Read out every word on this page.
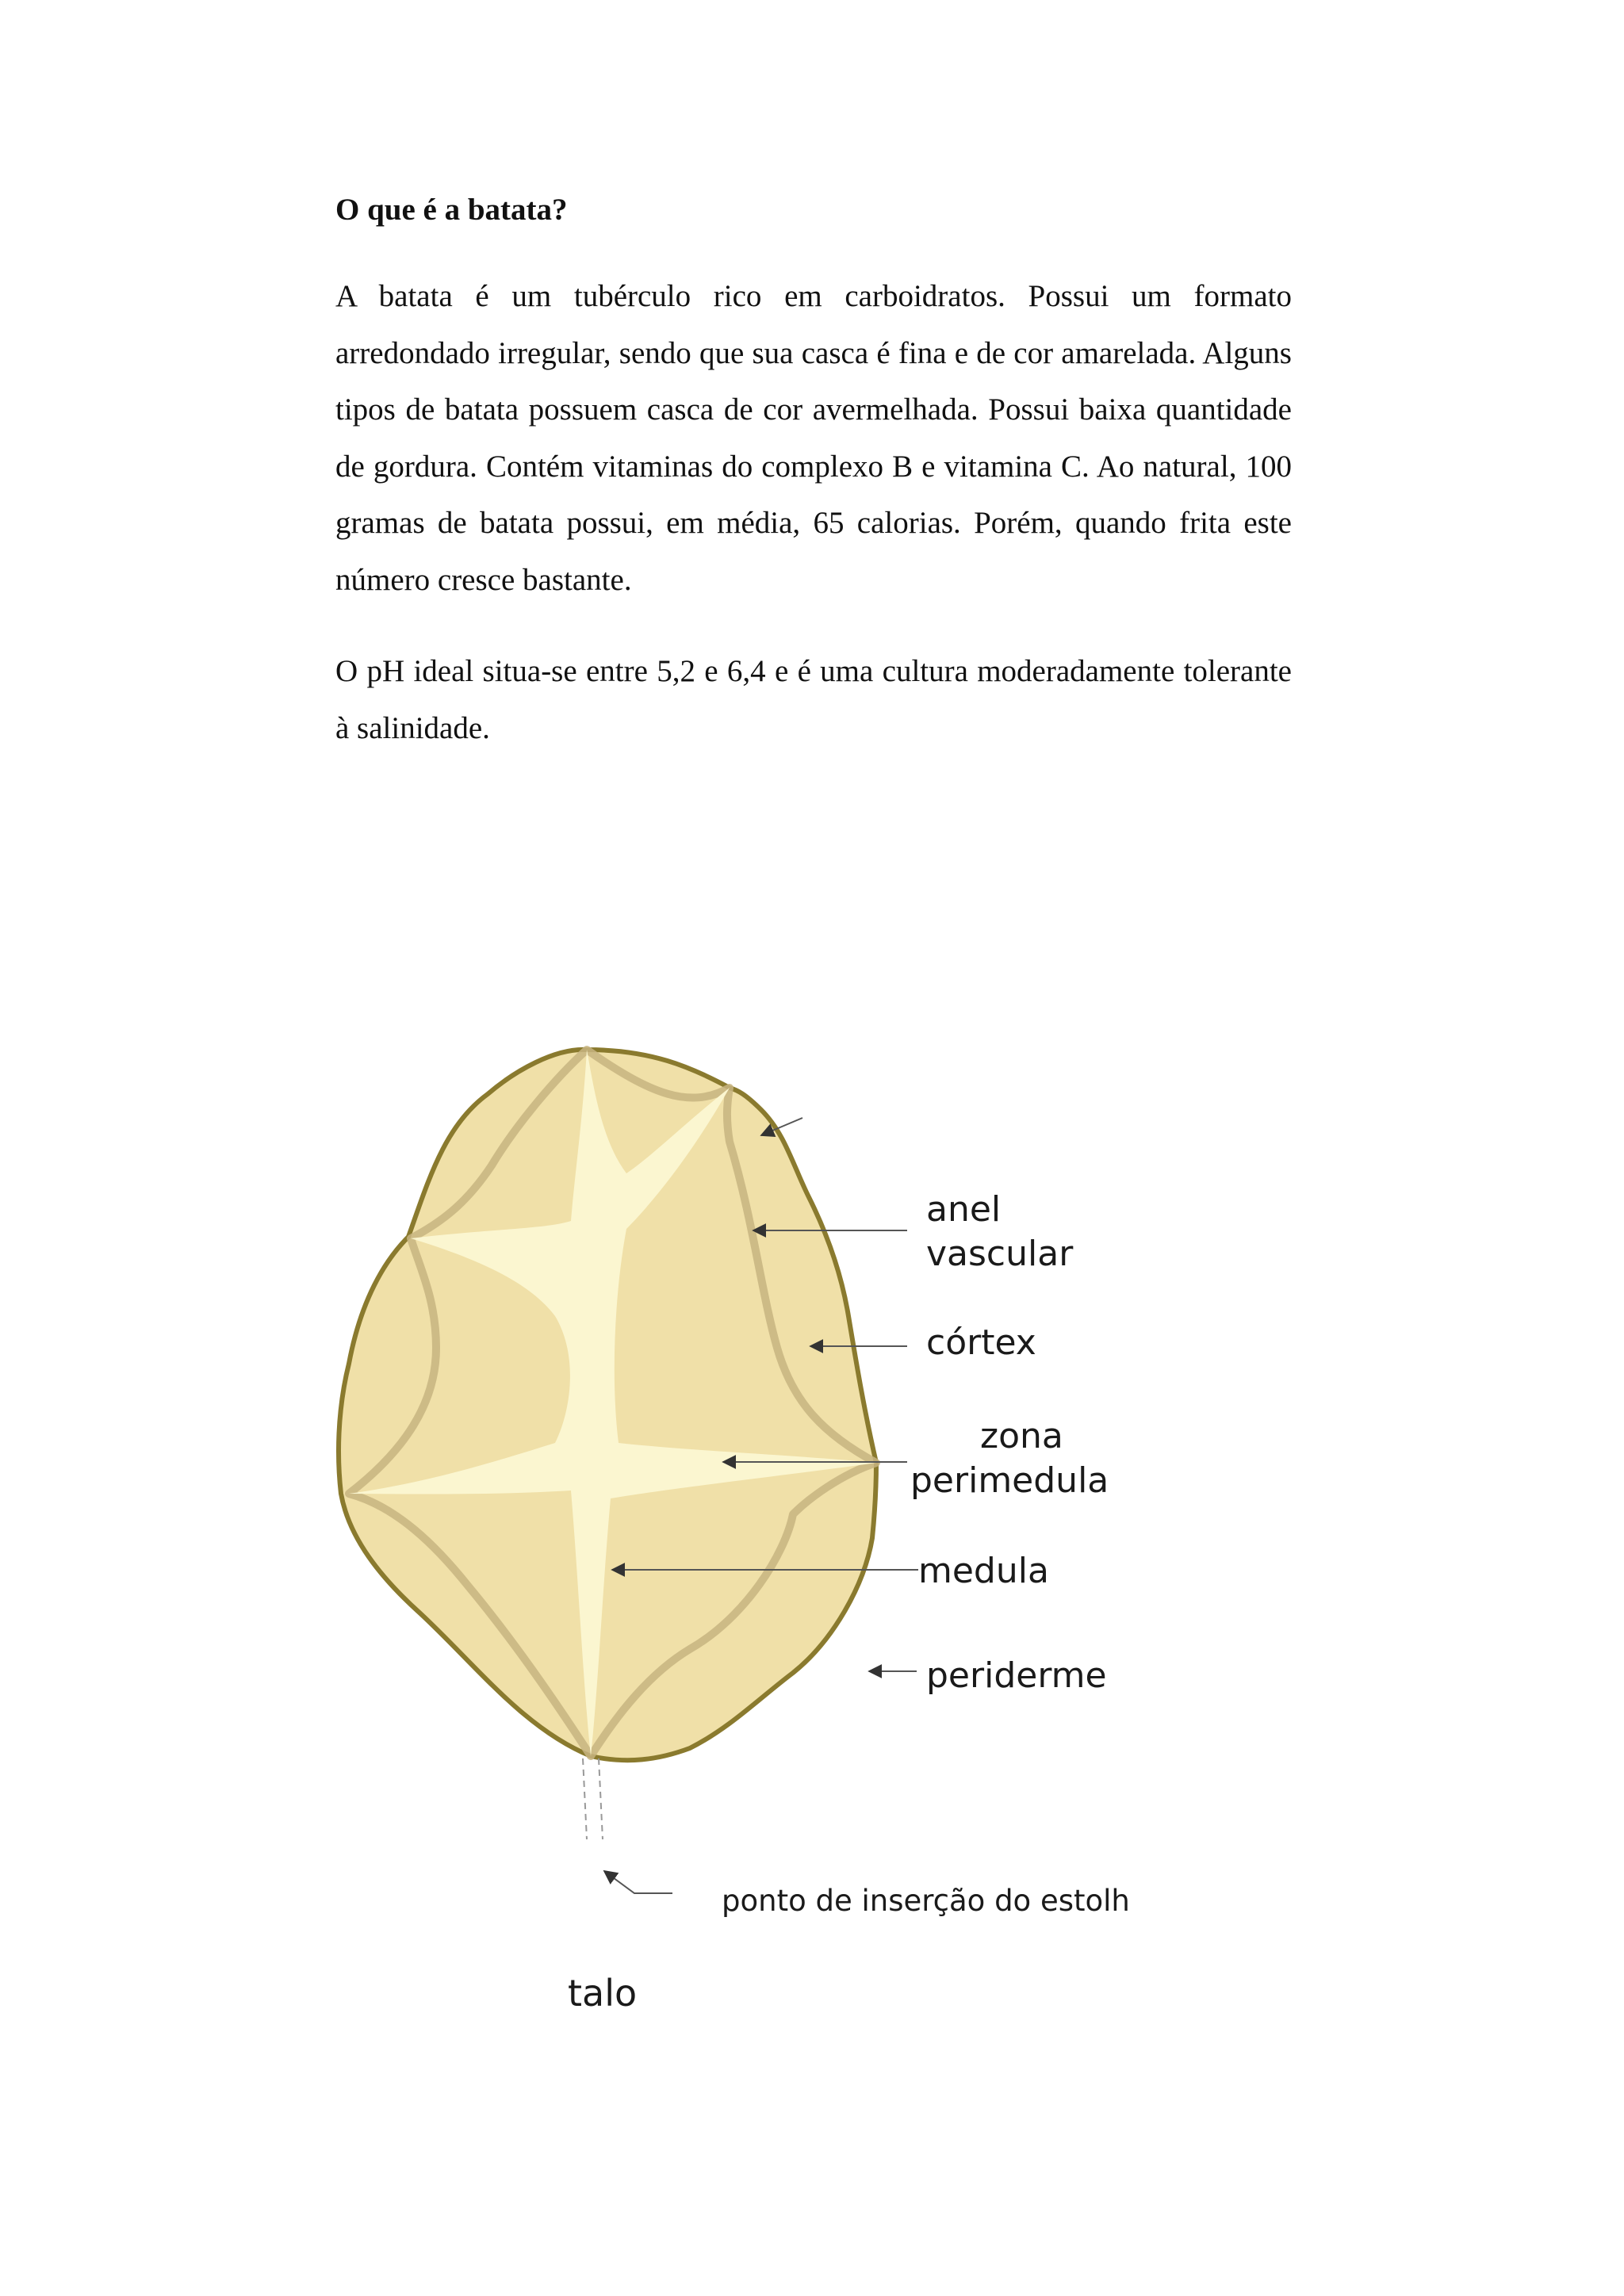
O que é a batata?

A batata é um tubérculo rico em carboidratos. Possui um formato arredondado irregular, sendo que sua casca é fina e de cor amarelada. Alguns tipos de batata possuem casca de cor avermelhada. Possui baixa quantidade de gordura. Contém vitaminas do complexo B e vitamina C. Ao natural, 100 gramas de batata possui, em média, 65 calorias. Porém, quando frita este número cresce bastante.

O pH ideal situa-se entre 5,2 e 6,4 e é uma cultura moderadamente tolerante à salinidade.

anel
vascular
córtex
zona
perimedula
medula
periderme
ponto de inserção do estolh
talo
